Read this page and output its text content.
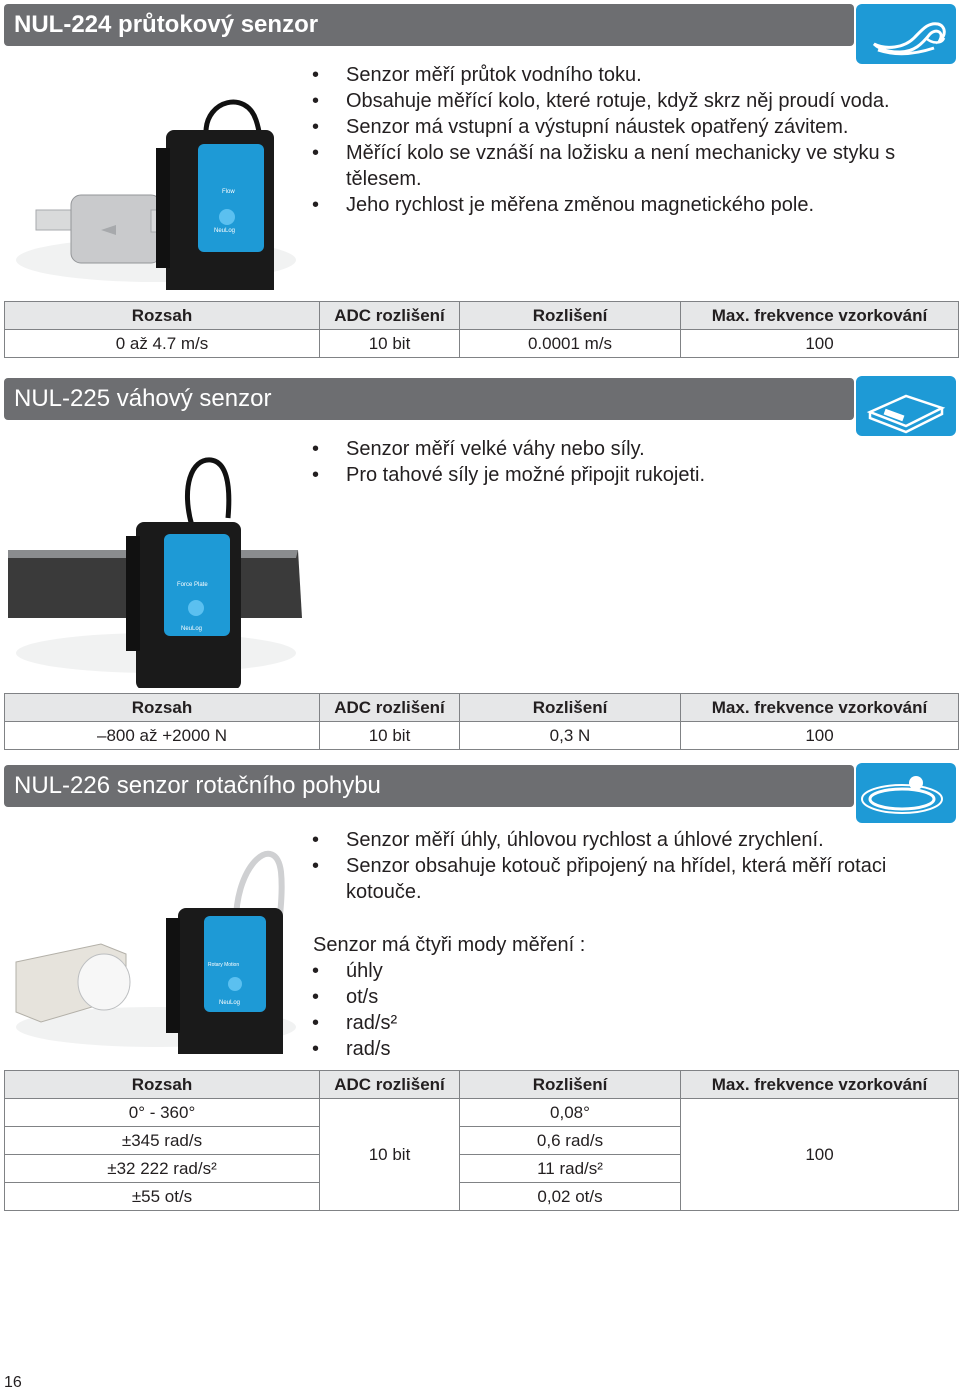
NUL-224 průtokový senzor
Flow
NeuLog
• Senzor měří průtok vodního toku.
• Obsahuje měřící kolo, které rotuje, když skrz něj proudí voda.
• Senzor má vstupní a výstupní náustek opatřený závitem.
• Měřící kolo se vznáší na ložisku a není mechanicky ve styku s tělesem.
• Jeho rychlost je měřena změnou magnetického pole.
Rozsah	ADC rozlišení	Rozlišení	Max. frekvence vzorkování
0 až 4.7 m/s	10 bit	0.0001 m/s	100
NUL-225 váhový senzor
Force Plate
NeuLog
• Senzor měří velké váhy nebo síly.
• Pro tahové síly je možné připojit rukojeti.
Rozsah	ADC rozlišení	Rozlišení	Max. frekvence vzorkování
–800 až +2000 N	10 bit	0,3 N	100
NUL-226 senzor rotačního pohybu
Rotary Motion
NeuLog
• Senzor měří úhly, úhlovou rychlost a úhlové zrychlení.
• Senzor obsahuje kotouč připojený na hřídel, která měří rotaci kotouče.
Senzor má čtyři mody měření :
• úhly
• ot/s
• rad/s²
• rad/s
Rozsah	ADC rozlišení	Rozlišení	Max. frekvence vzorkování
0° - 360°	10 bit	0,08°	100
±345 rad/s		0,6 rad/s	
±32 222 rad/s²		11 rad/s²	
±55 ot/s		0,02 ot/s	
16
